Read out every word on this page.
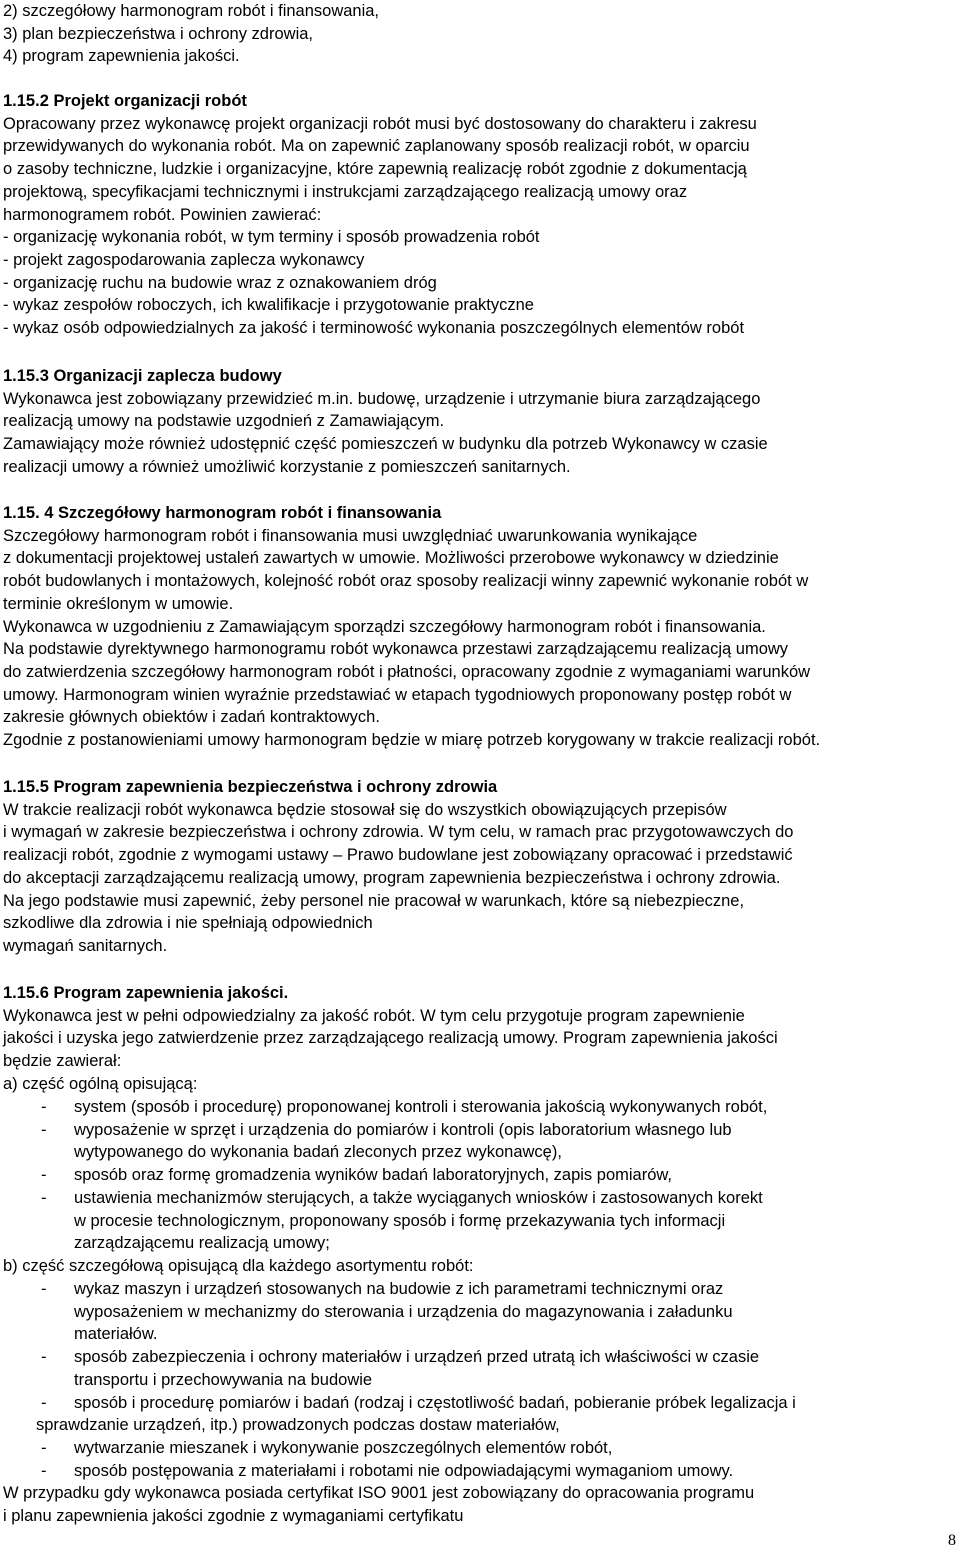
2) szczegółowy harmonogram robót i finansowania,
3) plan bezpieczeństwa i ochrony zdrowia,
4) program zapewnienia jakości.
1.15.2 Projekt organizacji robót
Opracowany przez wykonawcę projekt organizacji robót musi być dostosowany do charakteru i zakresu
przewidywanych do wykonania robót. Ma on zapewnić zaplanowany sposób realizacji robót, w oparciu
o zasoby techniczne, ludzkie i organizacyjne, które zapewnią realizację robót zgodnie z dokumentacją
projektową, specyfikacjami technicznymi i instrukcjami zarządzającego realizacją umowy oraz
harmonogramem robót. Powinien zawierać:
- organizację wykonania robót, w tym terminy i sposób prowadzenia robót
- projekt zagospodarowania zaplecza wykonawcy
- organizację ruchu na budowie wraz z oznakowaniem dróg
- wykaz zespołów roboczych, ich kwalifikacje i przygotowanie praktyczne
- wykaz osób odpowiedzialnych za jakość i terminowość wykonania poszczególnych elementów robót
1.15.3 Organizacji zaplecza budowy
Wykonawca jest zobowiązany przewidzieć m.in. budowę, urządzenie i utrzymanie biura zarządzającego
realizacją umowy na podstawie uzgodnień z Zamawiającym.
Zamawiający może również udostępnić część pomieszczeń w budynku dla potrzeb Wykonawcy w czasie
realizacji umowy a również umożliwić korzystanie z pomieszczeń sanitarnych.
1.15. 4 Szczegółowy harmonogram robót i finansowania
Szczegółowy harmonogram robót i finansowania musi uwzględniać uwarunkowania wynikające
z dokumentacji projektowej ustaleń zawartych w umowie. Możliwości przerobowe wykonawcy w dziedzinie
robót budowlanych i montażowych, kolejność robót oraz sposoby realizacji winny zapewnić wykonanie robót w
terminie określonym w umowie.
Wykonawca w uzgodnieniu z Zamawiającym sporządzi szczegółowy harmonogram robót i finansowania.
Na podstawie dyrektywnego harmonogramu robót wykonawca przestawi zarządzającemu realizacją umowy
do zatwierdzenia szczegółowy harmonogram robót i płatności, opracowany zgodnie z wymaganiami warunków
umowy. Harmonogram winien wyraźnie przedstawiać w etapach tygodniowych proponowany postęp robót w
zakresie głównych obiektów i zadań kontraktowych.
Zgodnie z postanowieniami umowy harmonogram będzie w miarę potrzeb korygowany w trakcie realizacji robót.
1.15.5 Program zapewnienia bezpieczeństwa i ochrony zdrowia
W trakcie realizacji robót wykonawca będzie stosował się do wszystkich obowiązujących przepisów
i wymagań w zakresie bezpieczeństwa i ochrony zdrowia. W tym celu, w ramach prac przygotowawczych do
realizacji robót, zgodnie z wymogami ustawy – Prawo budowlane jest zobowiązany opracować i przedstawić
do akceptacji zarządzającemu realizacją umowy, program zapewnienia bezpieczeństwa i ochrony zdrowia.
Na jego podstawie musi zapewnić, żeby personel nie pracował w warunkach, które są niebezpieczne,
szkodliwe dla zdrowia i nie spełniają odpowiednich
wymagań sanitarnych.
1.15.6 Program zapewnienia jakości.
Wykonawca jest w pełni odpowiedzialny za jakość robót. W tym celu przygotuje program zapewnienie
jakości i uzyska jego zatwierdzenie przez zarządzającego realizacją umowy. Program zapewnienia jakości
będzie zawierał:
a) część ogólną opisującą:
-	system (sposób i procedurę) proponowanej kontroli i sterowania jakością wykonywanych robót,
-	wyposażenie w sprzęt i urządzenia do pomiarów i kontroli (opis laboratorium własnego lub
wytypowanego do wykonania badań zleconych przez wykonawcę),
-	sposób oraz formę gromadzenia wyników badań laboratoryjnych, zapis pomiarów,
-	ustawienia mechanizmów sterujących, a także wyciąganych wniosków i zastosowanych korekt
w procesie technologicznym, proponowany sposób i formę przekazywania tych informacji
zarządzającemu realizacją umowy;
b) część szczegółową opisującą dla każdego asortymentu robót:
-	wykaz maszyn i urządzeń stosowanych na budowie z ich parametrami technicznymi oraz
wyposażeniem w mechanizmy do sterowania i urządzenia do magazynowania i załadunku
materiałów.
-	sposób zabezpieczenia i ochrony materiałów i urządzeń przed utratą ich właściwości w czasie
transportu i przechowywania na budowie
-	sposób i procedurę pomiarów i badań (rodzaj i częstotliwość badań, pobieranie próbek legalizacja i
sprawdzanie urządzeń, itp.) prowadzonych podczas dostaw materiałów,
-	wytwarzanie mieszanek i wykonywanie poszczególnych elementów robót,
-	sposób postępowania z materiałami i robotami nie odpowiadającymi wymaganiom umowy.
W przypadku gdy wykonawca posiada certyfikat ISO 9001 jest zobowiązany do opracowania programu
i planu zapewnienia jakości zgodnie z wymaganiami certyfikatu
8
